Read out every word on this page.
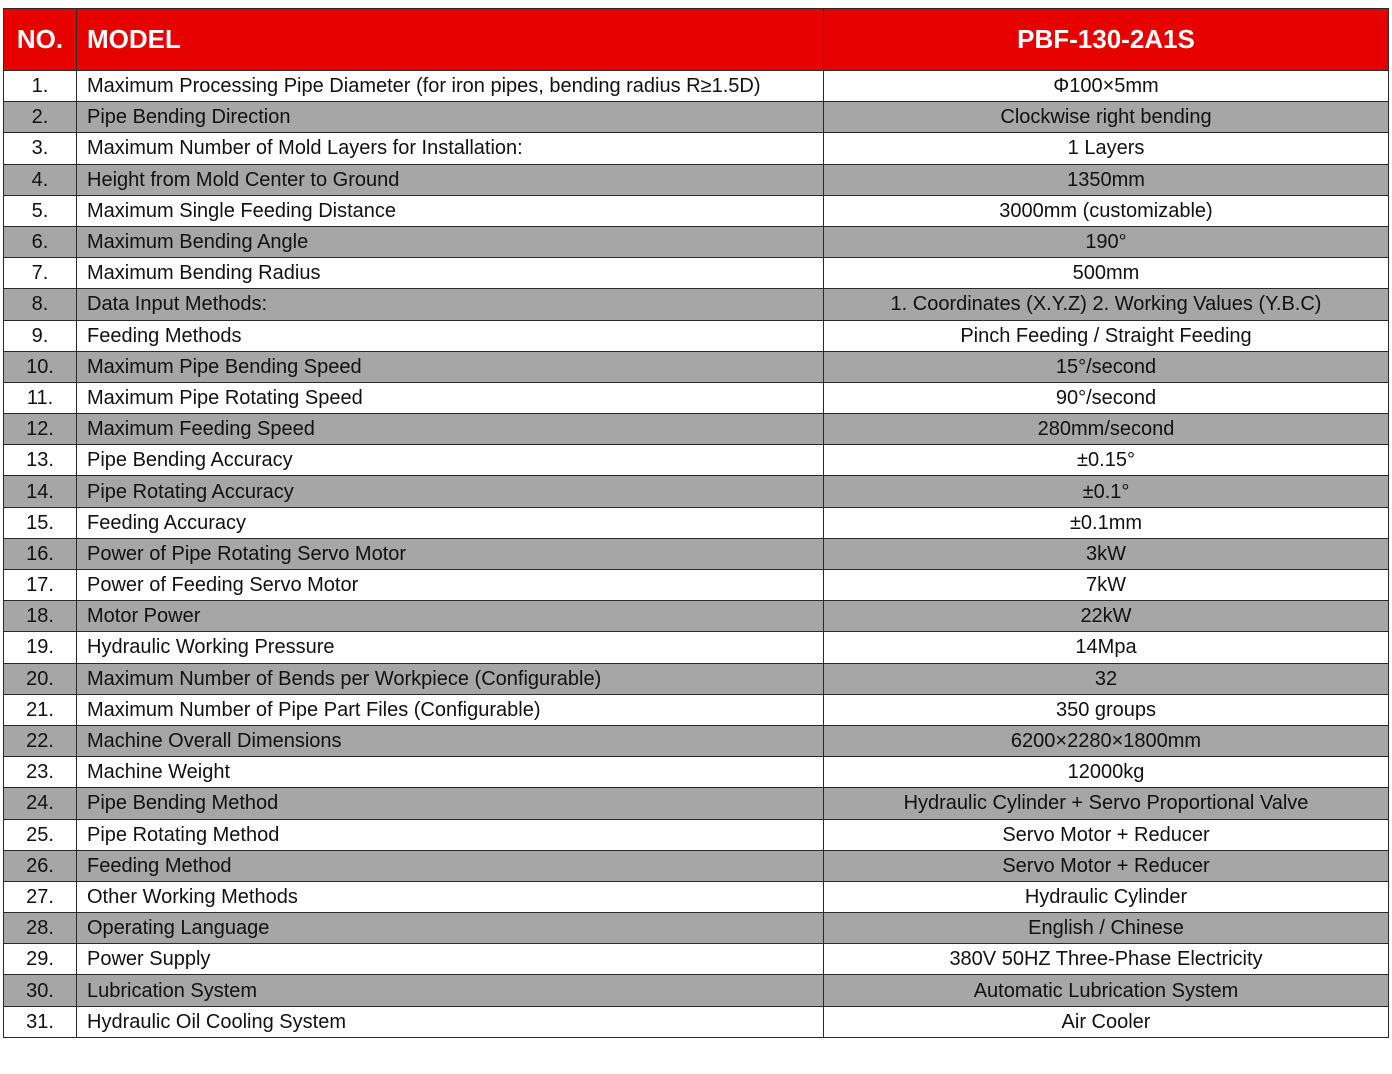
NO.	MODEL	PBF-130-2A1S
1.	Maximum Processing Pipe Diameter (for iron pipes, bending radius R≥1.5D)	Φ100×5mm
2.	Pipe Bending Direction	Clockwise right bending
3.	Maximum Number of Mold Layers for Installation:	1 Layers
4.	Height from Mold Center to Ground	1350mm
5.	Maximum Single Feeding Distance	3000mm (customizable)
6.	Maximum Bending Angle	190°
7.	Maximum Bending Radius	500mm
8.	Data Input Methods:	1. Coordinates (X.Y.Z) 2. Working Values (Y.B.C)
9.	Feeding Methods	Pinch Feeding / Straight Feeding
10.	Maximum Pipe Bending Speed	15°/second
11.	Maximum Pipe Rotating Speed	90°/second
12.	Maximum Feeding Speed	280mm/second
13.	Pipe Bending Accuracy	±0.15°
14.	Pipe Rotating Accuracy	±0.1°
15.	Feeding Accuracy	±0.1mm
16.	Power of Pipe Rotating Servo Motor	3kW
17.	Power of Feeding Servo Motor	7kW
18.	Motor Power	22kW
19.	Hydraulic Working Pressure	14Mpa
20.	Maximum Number of Bends per Workpiece (Configurable)	32
21.	Maximum Number of Pipe Part Files (Configurable)	350 groups
22.	Machine Overall Dimensions	6200×2280×1800mm
23.	Machine Weight	12000kg
24.	Pipe Bending Method	Hydraulic Cylinder + Servo Proportional Valve
25.	Pipe Rotating Method	Servo Motor + Reducer
26.	Feeding Method	Servo Motor + Reducer
27.	Other Working Methods	Hydraulic Cylinder
28.	Operating Language	English / Chinese
29.	Power Supply	380V 50HZ Three-Phase Electricity
30.	Lubrication System	Automatic Lubrication System
31.	Hydraulic Oil Cooling System	Air Cooler
